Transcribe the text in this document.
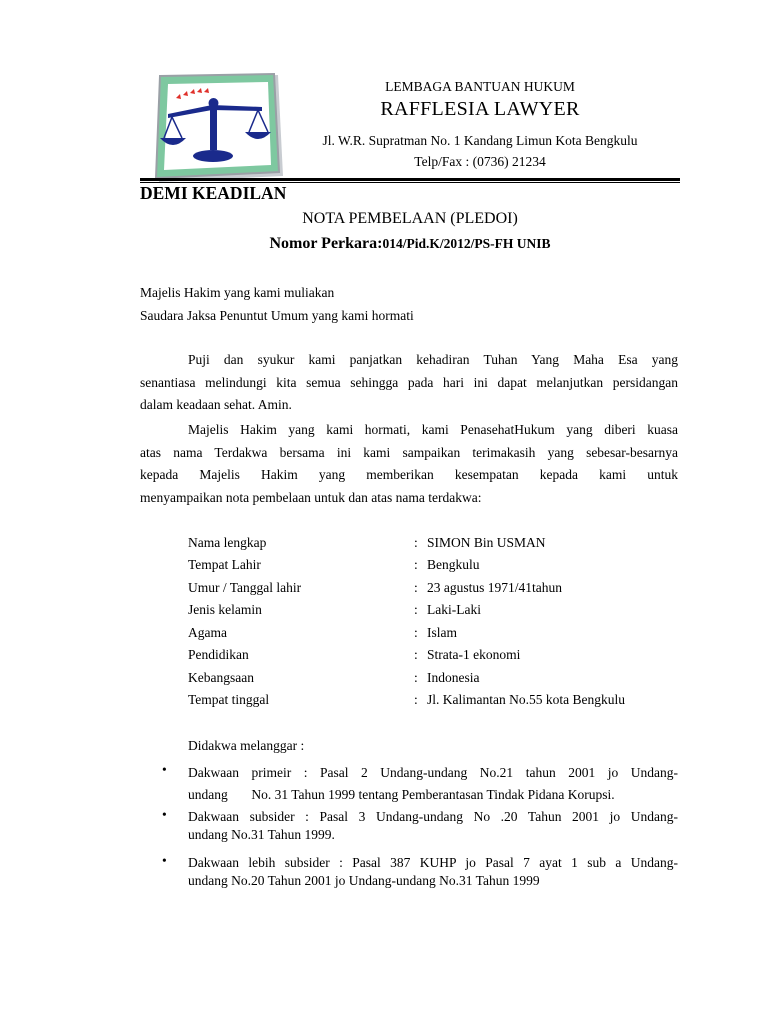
LEMBAGA BANTUAN HUKUM
RAFFLESIA LAWYER
Jl. W.R. Supratman No. 1 Kandang Limun Kota Bengkulu
Telp/Fax : (0736) 21234
DEMI KEADILAN
NOTA PEMBELAAN (PLEDOI)
Nomor Perkara:014/Pid.K/2012/PS-FH UNIB
Majelis Hakim yang kami muliakan
Saudara Jaksa Penuntut Umum yang kami hormati
Puji dan syukur kami panjatkan kehadiran Tuhan Yang Maha Esa yang
senantiasa melindungi kita semua sehingga pada hari ini dapat melanjutkan persidangan
dalam keadaan sehat. Amin.
Majelis Hakim yang kami hormati, kami PenasehatHukum yang diberi kuasa
atas nama Terdakwa bersama ini kami sampaikan terimakasih yang sebesar-besarnya
kepada Majelis Hakim yang memberikan kesempatan kepada kami untuk
menyampaikan nota pembelaan untuk dan atas nama terdakwa:
Nama lengkap	: SIMON Bin USMAN
Tempat Lahir	: Bengkulu
Umur / Tanggal lahir	: 23 agustus 1971/41tahun
Jenis kelamin	: Laki-Laki
Agama	: Islam
Pendidikan	: Strata-1 ekonomi
Kebangsaan	: Indonesia
Tempat tinggal	: Jl. Kalimantan No.55 kota Bengkulu
Didakwa melanggar :
• Dakwaan primeir : Pasal 2 Undang-undang No.21 tahun 2001 jo Undang-
undang       No. 31 Tahun 1999 tentang Pemberantasan Tindak Pidana Korupsi.
• Dakwaan subsider : Pasal 3 Undang-undang No .20 Tahun 2001 jo Undang-
undang No.31 Tahun 1999.
• Dakwaan lebih subsider : Pasal 387 KUHP jo Pasal 7 ayat 1 sub a Undang-
undang No.20 Tahun 2001 jo Undang-undang No.31 Tahun 1999
